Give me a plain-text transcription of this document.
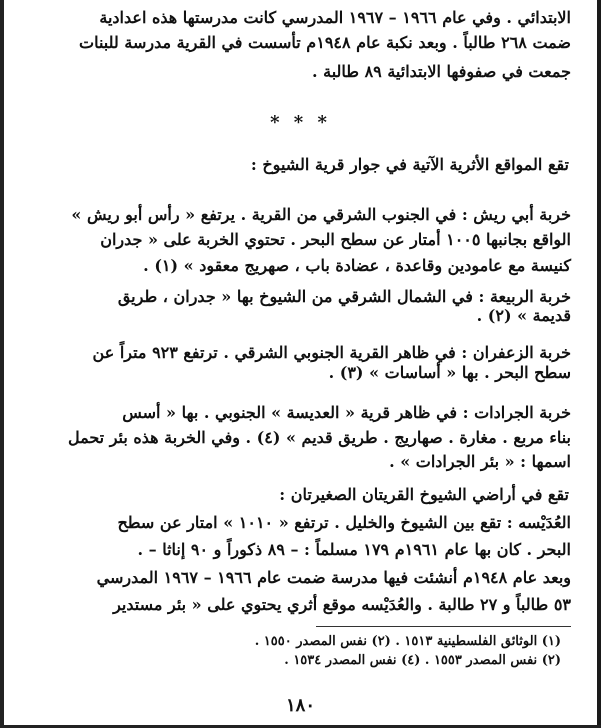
الابتدائي . وفي عام ١٩٦٦ – ١٩٦٧ المدرسي كانت مدرستها هذه اعدادية
ضمت ٢٦٨ طالباً . وبعد نكبة عام ١٩٤٨م تأسست في القرية مدرسة للبنات
جمعت في صفوفها الابتدائية ٨٩ طالبة .
* * *
تقع المواقع الأثرية الآتية في جوار قرية الشيوخ :
خربة أبي ريش : في الجنوب الشرقي من القرية . يرتفع « رأس أبو ريش »
الواقع بجانبها ١٠٠٥ أمتار عن سطح البحر . تحتوي الخربة على « جدران
كنيسة مع عامودين وقاعدة ، عضادة باب ، صهريج معقود » (١) .
خربة الربيعة : في الشمال الشرقي من الشيوخ بها « جدران ، طريق
قديمة » (٢) .
خربة الزعفران : في ظاهر القرية الجنوبي الشرقي . ترتفع ٩٢٣ متراً عن
سطح البحر . بها « أساسات » (٣) .
خربة الجرادات : في ظاهر قرية « العديسة » الجنوبي . بها « أسس
بناء مربع . مغارة . صهاريج . طريق قديم » (٤) . وفي الخربة هذه بئر تحمل
اسمها : « بئر الجرادات » .
تقع في أراضي الشيوخ القريتان الصغيرتان :
العُدَيْسه : تقع بين الشيوخ والخليل . ترتفع « ١٠١٠ » امتار عن سطح
البحر . كان بها عام ١٩٦١م ١٧٩ مسلماً : – ٨٩ ذكوراً و ٩٠ إناثا – .
وبعد عام ١٩٤٨م أنشئت فيها مدرسة ضمت عام ١٩٦٦ – ١٩٦٧ المدرسي
٥٣ طالباً و ٢٧ طالبة . والعُدَيْسه موقع أثري يحتوي على « بئر مستدير
(١) الوثائق الفلسطينية ١٥١٣ . (٢) نفس المصدر ١٥٥٠ .
(٢) نفس المصدر ١٥٥٣ . (٤) نفس المصدر ١٥٣٤ .
١٨٠
